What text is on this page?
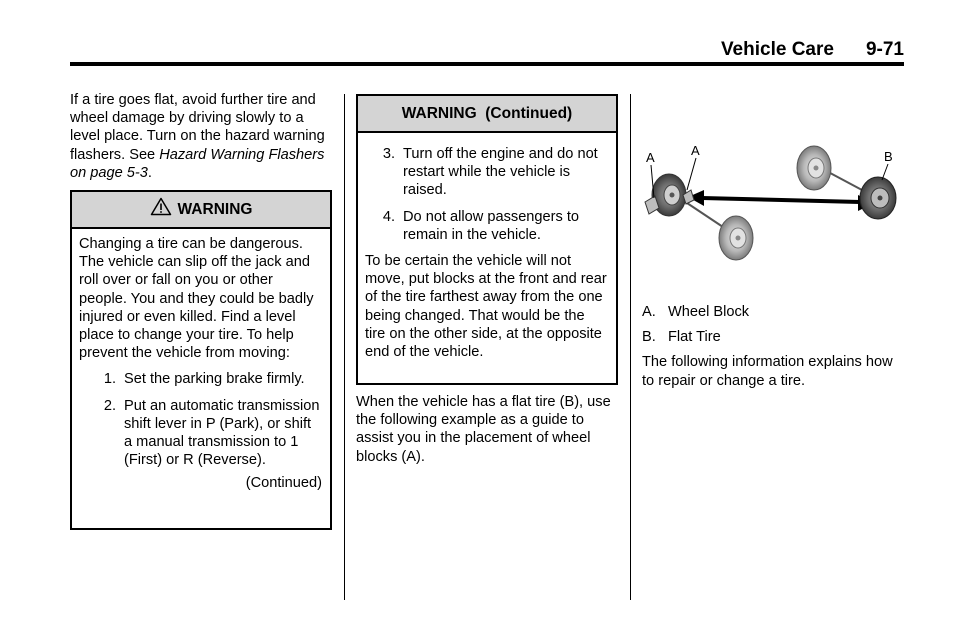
Vehicle Care 9-71

If a tire goes flat, avoid further tire and wheel damage by driving slowly to a level place. Turn on the hazard warning flashers. See Hazard Warning Flashers on page 5-3.

WARNING

Changing a tire can be dangerous. The vehicle can slip off the jack and roll over or fall on you or other people. You and they could be badly injured or even killed. Find a level place to change your tire. To help prevent the vehicle from moving:

1. Set the parking brake firmly.
2. Put an automatic transmission shift lever in P (Park), or shift a manual transmission to 1 (First) or R (Reverse).

(Continued)

WARNING  (Continued)
3. Turn off the engine and do not restart while the vehicle is raised.
4. Do not allow passengers to remain in the vehicle.

To be certain the vehicle will not move, put blocks at the front and rear of the tire farthest away from the one being changed. That would be the tire on the other side, at the opposite end of the vehicle.

When the vehicle has a flat tire (B), use the following example as a guide to assist you in the placement of wheel blocks (A).

A	A	B
A. Wheel Block
B. Flat Tire

The following information explains how to repair or change a tire.
